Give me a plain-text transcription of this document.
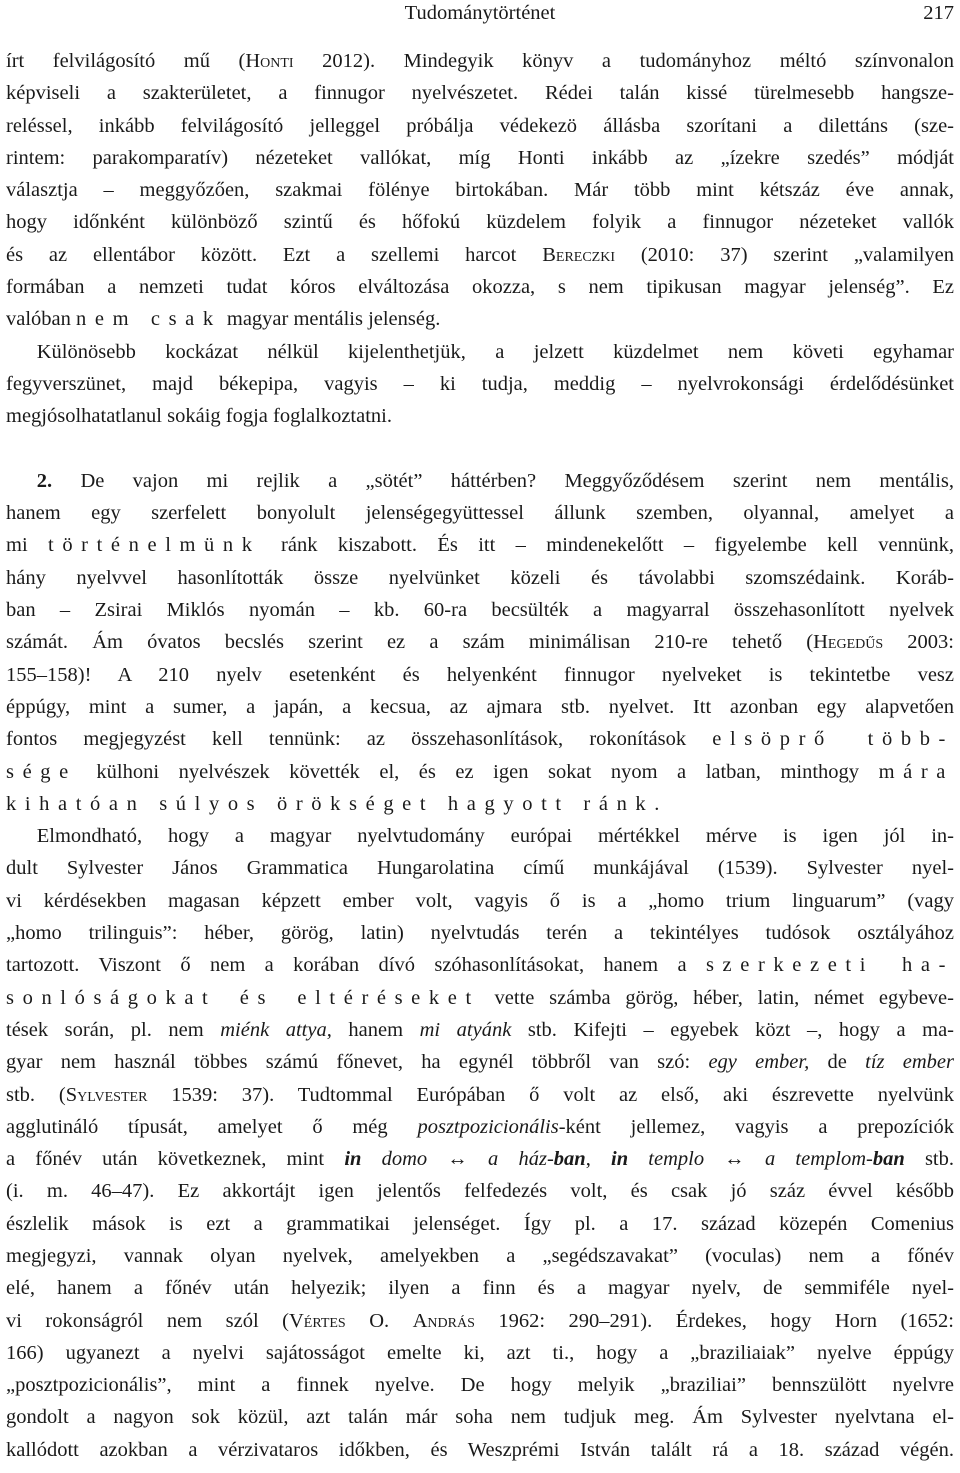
Tudománytörténet	217
írt felvilágosító mű (Honti 2012). Mindegyik könyv a tudományhoz méltó színvonalon
képviseli a szakterületet, a finnugor nyelvészetet. Rédei talán kissé türelmesebb hangsze-
reléssel, inkább felvilágosító jelleggel próbálja védekezö állásba szorítani a dilettáns (sze-
rintem: parakomparatív) nézeteket vallókat, míg Honti inkább az „ízekre szedés” módját
választja – meggyőzően, szakmai fölénye birtokában. Már több mint kétszáz éve annak,
hogy időnként különböző szintű és hőfokú küzdelem folyik a finnugor nézeteket vallók
és az ellentábor között. Ezt a szellemi harcot Bereczki (2010: 37) szerint „valamilyen
formában a nemzeti tudat kóros elváltozása okozza, s nem tipikusan magyar jelenség”. Ez
valóban nem csak magyar mentális jelenség.
  Különösebb kockázat nélkül kijelenthetjük, a jelzett küzdelmet nem követi egyhamar
fegyverszünet, majd békepipa, vagyis – ki tudja, meddig – nyelvrokonsági érdelődésünket
megjósolhatatlanul sokáig fogja foglalkoztatni.
  2. De vajon mi rejlik a „sötét” háttérben? Meggyőződésem szerint nem mentális,
hanem egy szerfelett bonyolult jelenségegyüttessel állunk szemben, olyannal, amelyet a
mi történelmünk ránk kiszabott. És itt – mindenekelőtt – figyelembe kell vennünk,
hány nyelvvel hasonlították össze nyelvünket közeli és távolabbi szomszédaink. Koráb-
ban – Zsirai Miklós nyomán – kb. 60-ra becsülték a magyarral összehasonlított nyelvek
számát. Ám óvatos becslés szerint ez a szám minimálisan 210-re tehető (Hegedűs 2003:
155–158)! A 210 nyelv esetenként és helyenként finnugor nyelveket is tekintetbe vesz
éppúgy, mint a sumer, a japán, a kecsua, az ajmara stb. nyelvet. Itt azonban egy alapvetően
fontos megjegyzést kell tennünk: az összehasonlítások, rokonítások elsöprő több-
sége külhoni nyelvészek követték el, és ez igen sokat nyom a latban, minthogy mára
kihatóan súlyos örökséget hagyott ránk.
  Elmondható, hogy a magyar nyelvtudomány európai mértékkel mérve is igen jól in-
dult Sylvester János Grammatica Hungarolatina című munkájával (1539). Sylvester nyel-
vi kérdésekben magasan képzett ember volt, vagyis ő is a „homo trium linguarum” (vagy
„homo trilinguis”: héber, görög, latin) nyelvtudás terén a tekintélyes tudósok osztályához
tartozott. Viszont ő nem a korában dívó szóhasonlításokat, hanem a szerkezeti ha-
sonlóságokat és eltéréseket vette számba görög, héber, latin, német egybeve-
tések során, pl. nem miénk attya, hanem mi atyánk stb. Kifejti – egyebek közt –, hogy a ma-
gyar nem használ többes számú főnevet, ha egynél többről van szó: egy ember, de tíz ember
stb. (Sylvester 1539: 37). Tudtommal Európában ő volt az első, aki észrevette nyelvünk
agglutináló típusát, amelyet ő még posztpozicionális-ként jellemez, vagyis a prepozíciók
a főnév után következnek, mint in domo ↔ a ház-ban, in templo ↔ a templom-ban stb.
(i. m. 46–47). Ez akkortájt igen jelentős felfedezés volt, és csak jó száz évvel később
észlelik mások is ezt a grammatikai jelenséget. Így pl. a 17. század közepén Comenius
megjegyzi, vannak olyan nyelvek, amelyekben a „segédszavakat” (voculas) nem a főnév
elé, hanem a főnév után helyezik; ilyen a finn és a magyar nyelv, de semmiféle nyel-
vi rokonságról nem szól (Vértes O. András 1962: 290–291). Érdekes, hogy Horn (1652:
166) ugyanezt a nyelvi sajátosságot emelte ki, azt ti., hogy a „braziliaiak” nyelve éppúgy
„posztpozicionális”, mint a finnek nyelve. De hogy melyik „braziliai” bennszülött nyelvre
gondolt a nagyon sok közül, azt talán már soha nem tudjuk meg. Ám Sylvester nyelvtana el-
kallódott azokban a vérzivataros időkben, és Weszprémi István talált rá a 18. század végén.
